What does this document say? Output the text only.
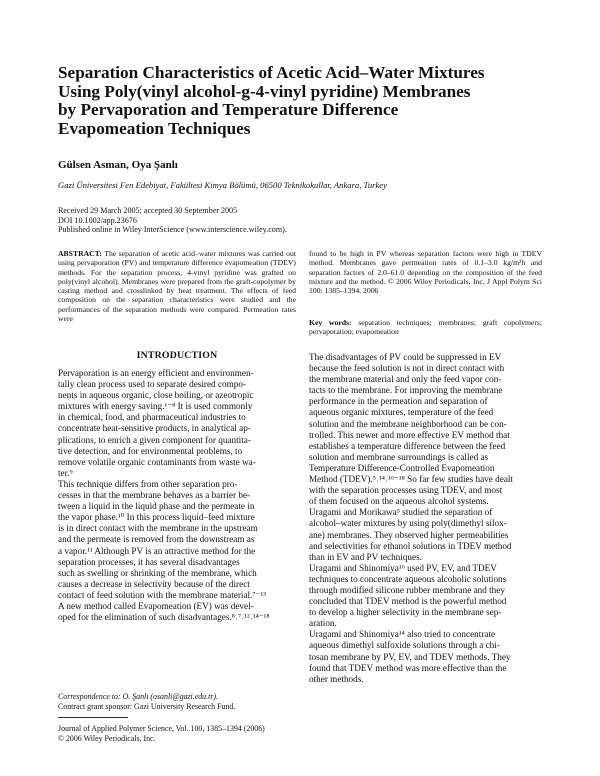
Separation Characteristics of Acetic Acid–Water Mixtures
Using Poly(vinyl alcohol-g-4-vinyl pyridine) Membranes
by Pervaporation and Temperature Difference
Evapomeation Techniques

Gülsen Asman, Oya Şanlı

Gazi Üniversitesi Fen Edebiyat, Fakültesi Kimya Bölümü, 06500 Teknikokullar, Ankara, Turkey

Received 29 March 2005; accepted 30 September 2005
DOI 10.1002/app.23676
Published online in Wiley InterScience (www.interscience.wiley.com).
ABSTRACT: The separation of acetic acid–water mixtures was carried out using pervaporation (PV) and temperature difference evapomeation (TDEV) methods. For the separation process, 4-vinyl pyridine was grafted on poly(vinyl alcohol). Membranes were prepared from the graft-copolymer by casting method and crosslinked by heat treatment. The effects of feed composition on the separation characteristics were studied and the performances of the separation methods were compared. Permeation rates were
found to be high in PV whereas separation factors were high in TDEV method. Membranes gave permeation rates of 0.1–3.0 kg/m²h and separation factors of 2.0–61.0 depending on the composition of the feed mixture and the method. © 2006 Wiley Periodicals, Inc. J Appl Polym Sci 100: 1385–1394, 2006
Key words: separation techniques; membranes; graft copolymers; pervaporation; evapomeation
INTRODUCTION
Pervaporation is an energy efficient and environmen-
tally clean process used to separate desired compo-
nents in aqueous organic, close boiling, or azeotropic
mixtures with energy saving.¹⁻⁸ It is used commonly
in chemical, food, and pharmaceutical industries to
concentrate heat-sensitive products, in analytical ap-
plications, to enrich a given component for quantita-
tive detection, and for environmental problems, to
remove volatile organic contaminants from waste wa-
ter.⁹
This technique differs from other separation pro-
cesses in that the membrane behaves as a barrier be-
tween a liquid in the liquid phase and the permeate in
the vapor phase.¹⁰ In this process liquid–feed mixture
is in direct contact with the membrane in the upstream
and the permeate is removed from the downstream as
a vapor.¹¹ Although PV is an attractive method for the
separation processes, it has several disadvantages
such as swelling or shrinking of the membrane, which
causes a decrease in selectivity because of the direct
contact of feed solution with the membrane material.⁷⁻¹³
A new method called Evapomeation (EV) was devel-
oped for the elimination of such disadvantages.⁸˒⁷˒¹²˒¹⁴⁻¹⁸
The disadvantages of PV could be suppressed in EV
because the feed solution is not in direct contact with
the membrane material and only the feed vapor con-
tacts to the membrane. For improving the membrane
performance in the permeation and separation of
aqueous organic mixtures, temperature of the feed
solution and the membrane neighborhood can be con-
trolled. This newer and more effective EV method that
establishes a temperature difference between the feed
solution and membrane surroundings is called as
Temperature Difference-Controlled Evapomeation
Method (TDEV).⁵˒¹⁴˒¹⁶⁻¹⁸ So far few studies have dealt
with the separation processes using TDEV, and most
of them focused on the aqueous alcohol systems.
Uragami and Morikawa⁵ studied the separation of
alcohol–water mixtures by using poly(dimethyl silox-
ane) membranes. They observed higher permeabilities
and selectivities for ethanol solutions in TDEV method
than in EV and PV techniques.
Uragami and Shinomiya¹⁶ used PV, EV, and TDEV
techniques to concentrate aqueous alcoholic solutions
through modified silicone rubber membrane and they
concluded that TDEV method is the powerful method
to develop a higher selectivity in the membrane sep-
aration.
Uragami and Shinomiya¹⁴ also tried to concentrate
aqueous dimethyl sulfoxide solutions through a chi-
tosan membrane by PV, EV, and TDEV methods. They
found that TDEV method was more effective than the
other methods.
Correspondence to: O. Şanlı (osanli@gazi.edu.tr).
Contract grant sponsor: Gazi University Research Fund.
Journal of Applied Polymer Science, Vol. 100, 1385–1394 (2006)
© 2006 Wiley Periodicals, Inc.
